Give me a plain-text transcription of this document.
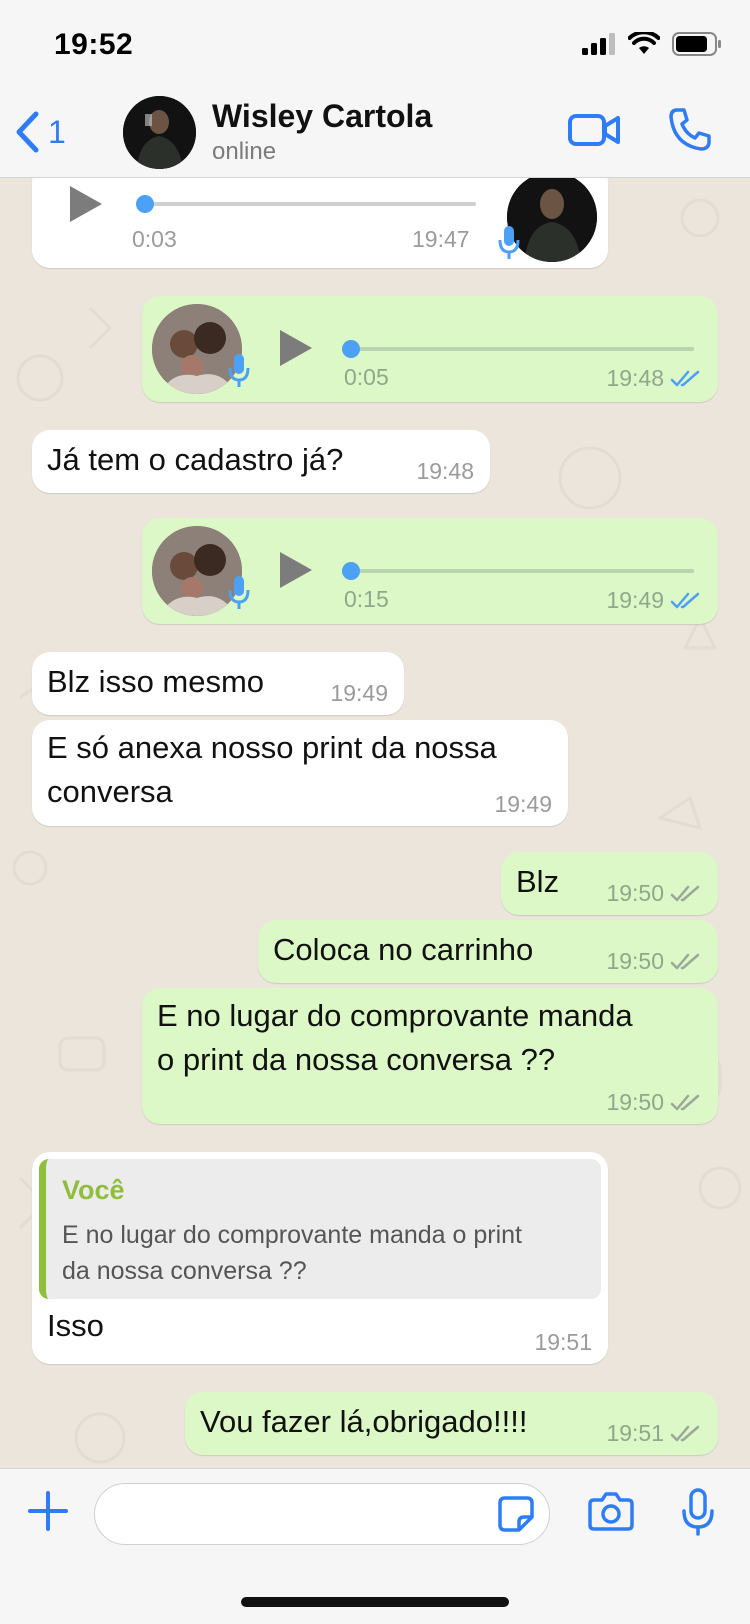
19:52
1	Wisley Cartola
online
0:03	19:47
0:05	19:48
Já tem o cadastro já?	19:48
0:15	19:49
Blz isso mesmo	19:49
E só anexa nosso print da nossa
conversa	19:49
Blz 19:50
Coloca no carrinho	19:50
E no lugar do comprovante manda
o print da nossa conversa ??
19:50
Você
E no lugar do comprovante manda o print
da nossa conversa ??
Isso	19:51
Vou fazer lá,obrigado!!!!	19:51
